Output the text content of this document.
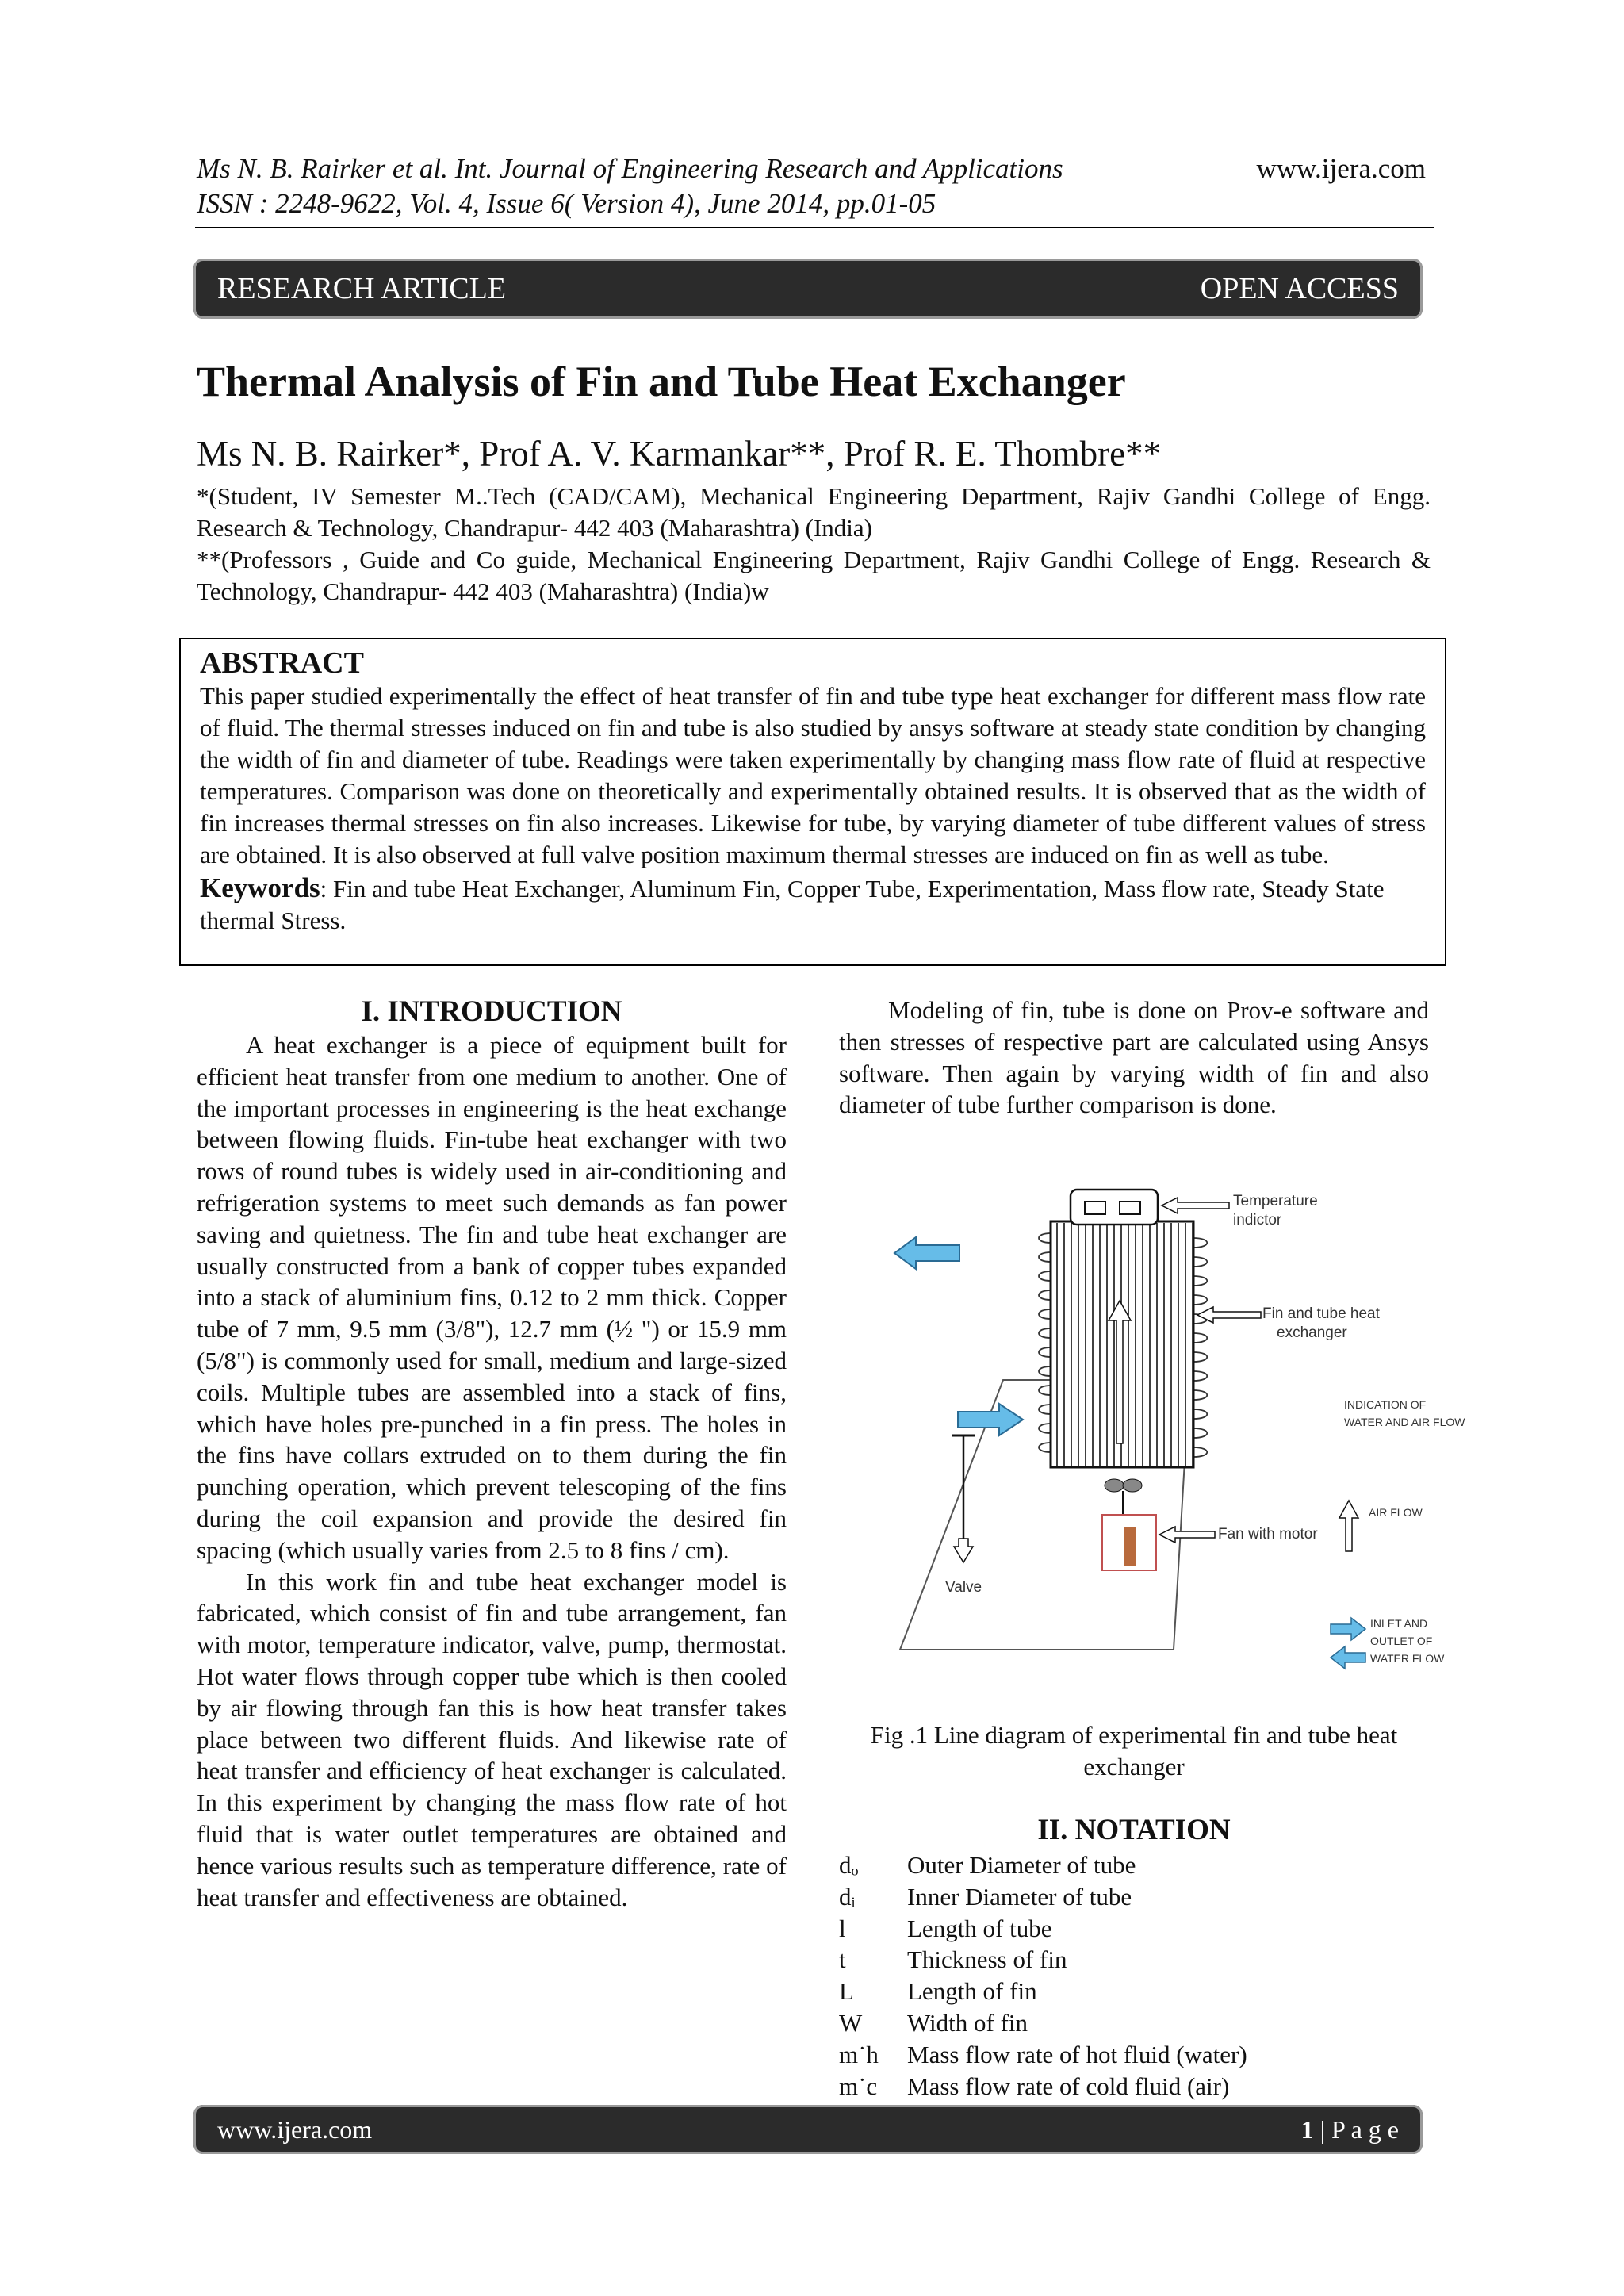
Ms N. B. Rairker et al. Int. Journal of Engineering Research and Applications
ISSN : 2248-9622, Vol. 4, Issue 6( Version 4), June 2014, pp.01-05
www.ijera.com
RESEARCH ARTICLE	OPEN ACCESS
Thermal Analysis of Fin and Tube Heat Exchanger
Ms N. B. Rairker*, Prof A. V. Karmankar**, Prof R. E. Thombre**
*(Student, IV Semester M..Tech (CAD/CAM), Mechanical Engineering Department, Rajiv Gandhi College of Engg. Research & Technology, Chandrapur- 442 403 (Maharashtra) (India)
**(Professors , Guide and Co guide, Mechanical Engineering Department, Rajiv Gandhi College of Engg. Research & Technology, Chandrapur- 442 403 (Maharashtra) (India)w
ABSTRACT

This paper studied experimentally the effect of heat transfer of fin and tube type heat exchanger for different mass flow rate of fluid. The thermal stresses induced on fin and tube is also studied by ansys software at steady state condition by changing the width of fin and diameter of tube. Readings were taken experimentally by changing mass flow rate of fluid at respective temperatures. Comparison was done on theoretically and experimentally obtained results. It is observed that as the width of fin increases thermal stresses on fin also increases. Likewise for tube, by varying diameter of tube different values of stress are obtained. It is also observed at full valve position maximum thermal stresses are induced on fin as well as tube.

Keywords: Fin and tube Heat Exchanger, Aluminum Fin, Copper Tube, Experimentation, Mass flow rate, Steady State thermal Stress.

I. INTRODUCTION

A heat exchanger is a piece of equipment built for efficient heat transfer from one medium to another. One of the important processes in engineering is the heat exchange between flowing fluids. Fin-tube heat exchanger with two rows of round tubes is widely used in air-conditioning and refrigeration systems to meet such demands as fan power saving and quietness. The fin and tube heat exchanger are usually constructed from a bank of copper tubes expanded into a stack of aluminium fins, 0.12 to 2 mm thick. Copper tube of 7 mm, 9.5 mm (3/8"), 12.7 mm (½ ") or 15.9 mm (5/8") is commonly used for small, medium and large-sized coils. Multiple tubes are assembled into a stack of fins, which have holes pre-punched in a fin press. The holes in the fins have collars extruded on to them during the fin punching operation, which prevent telescoping of the fins during the coil expansion and provide the desired fin spacing (which usually varies from 2.5 to 8 fins / cm).

In this work fin and tube heat exchanger model is fabricated, which consist of fin and tube arrangement, fan with motor, temperature indicator, valve, pump, thermostat. Hot water flows through copper tube which is then cooled by air flowing through fan this is how heat transfer takes place between two different fluids. And likewise rate of heat transfer and efficiency of heat exchanger is calculated. In this experiment by changing the mass flow rate of hot fluid that is water outlet temperatures are obtained and hence various results such as temperature difference, rate of heat transfer and effectiveness are obtained.

Modeling of fin, tube is done on Prov-e software and then stresses of respective part are calculated using Ansys software. Then again by varying width of fin and also diameter of tube further comparison is done.

Temperature
indictor
Fin and tube heat
exchanger
Valve
Fan with motor
INDICATION OF
WATER AND AIR FLOW
AIR FLOW
INLET AND
OUTLET OF
WATER FLOW
Fig .1 Line diagram of experimental fin and tube heat exchanger
II. NOTATION
dₒ	Outer Diameter of tube
dᵢ	Inner Diameter of tube
l	Length of tube
t	Thickness of fin
L	Length of fin
W	Width of fin
m˙h	Mass flow rate of hot fluid (water)
m˙c	Mass flow rate of cold fluid (air)
www.ijera.com	1 | P a g e
